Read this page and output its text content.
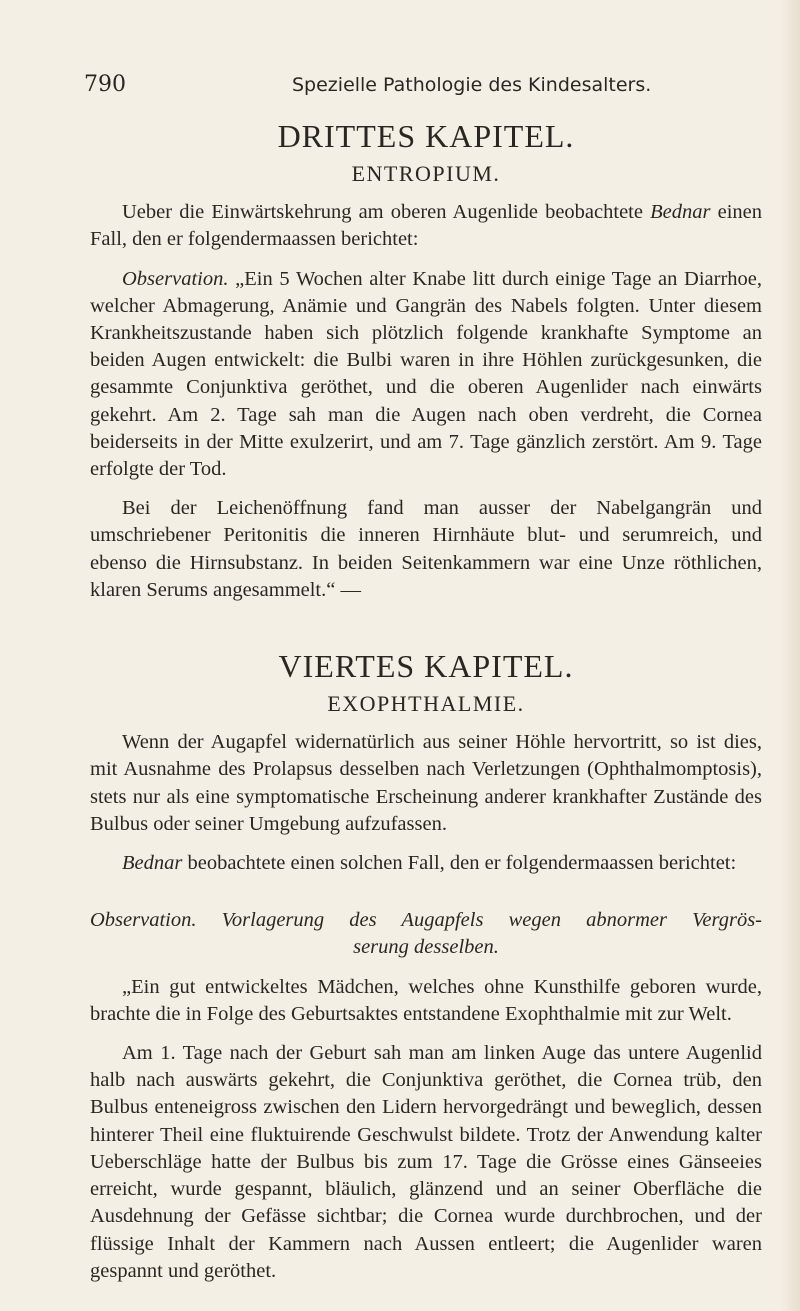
790	Spezielle Pathologie des Kindesalters.
DRITTES KAPITEL.
ENTROPIUM.

Ueber die Einwärtskehrung am oberen Augenlide beobachtete Bednar einen Fall, den er folgendermaassen berichtet:

Observation. „Ein 5 Wochen alter Knabe litt durch einige Tage an Diarrhoe, welcher Abmagerung, Anämie und Gangrän des Nabels folgten. Unter diesem Krankheitszustande haben sich plötzlich folgende krankhafte Symptome an beiden Augen entwickelt: die Bulbi waren in ihre Höhlen zurückgesunken, die gesammte Conjunktiva geröthet, und die oberen Augenlider nach einwärts gekehrt. Am 2. Tage sah man die Augen nach oben verdreht, die Cornea beiderseits in der Mitte exulzerirt, und am 7. Tage gänzlich zerstört. Am 9. Tage erfolgte der Tod.

Bei der Leichenöffnung fand man ausser der Nabelgangrän und umschriebener Peritonitis die inneren Hirnhäute blut- und serumreich, und ebenso die Hirnsubstanz. In beiden Seitenkammern war eine Unze röthlichen, klaren Serums angesammelt.“ —

VIERTES KAPITEL.
EXOPHTHALMIE.

Wenn der Augapfel widernatürlich aus seiner Höhle hervortritt, so ist dies, mit Ausnahme des Prolapsus desselben nach Verletzungen (Ophthalmomptosis), stets nur als eine symptomatische Erscheinung anderer krankhafter Zustände des Bulbus oder seiner Umgebung aufzufassen.

Bednar beobachtete einen solchen Fall, den er folgendermaassen berichtet:

Observation. Vorlagerung des Augapfels wegen abnormer Vergrös-
serung desselben.

„Ein gut entwickeltes Mädchen, welches ohne Kunsthilfe geboren wurde, brachte die in Folge des Geburtsaktes entstandene Exophthalmie mit zur Welt.

Am 1. Tage nach der Geburt sah man am linken Auge das untere Augenlid halb nach auswärts gekehrt, die Conjunktiva geröthet, die Cornea trüb, den Bulbus enteneigross zwischen den Lidern hervorgedrängt und beweglich, dessen hinterer Theil eine fluktuirende Geschwulst bildete. Trotz der Anwendung kalter Ueberschläge hatte der Bulbus bis zum 17. Tage die Grösse eines Gänseeies erreicht, wurde gespannt, bläulich, glänzend und an seiner Oberfläche die Ausdehnung der Gefässe sichtbar; die Cornea wurde durchbrochen, und der flüssige Inhalt der Kammern nach Aussen entleert; die Augenlider waren gespannt und geröthet.
